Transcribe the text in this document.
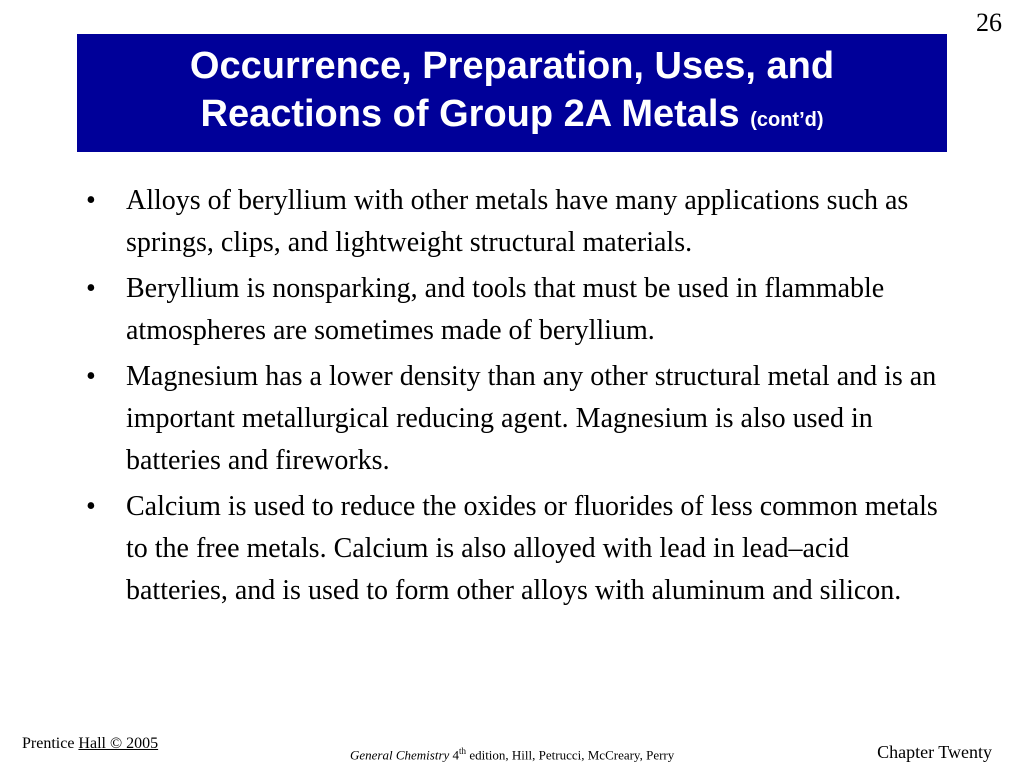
26
Occurrence, Preparation, Uses, and
Reactions of Group 2A Metals (cont’d)
• Alloys of beryllium with other metals have many applications such as springs, clips, and lightweight structural materials.
• Beryllium is nonsparking, and tools that must be used in flammable atmospheres are sometimes made of beryllium.
• Magnesium has a lower density than any other structural metal and is an important metallurgical reducing agent. Magnesium is also used in batteries and fireworks.
• Calcium is used to reduce the oxides or fluorides of less common metals to the free metals. Calcium is also alloyed with lead in lead–acid batteries, and is used to form other alloys with aluminum and silicon.
Prentice Hall © 2005
General Chemistry 4th edition, Hill, Petrucci, McCreary, Perry	Chapter Twenty
